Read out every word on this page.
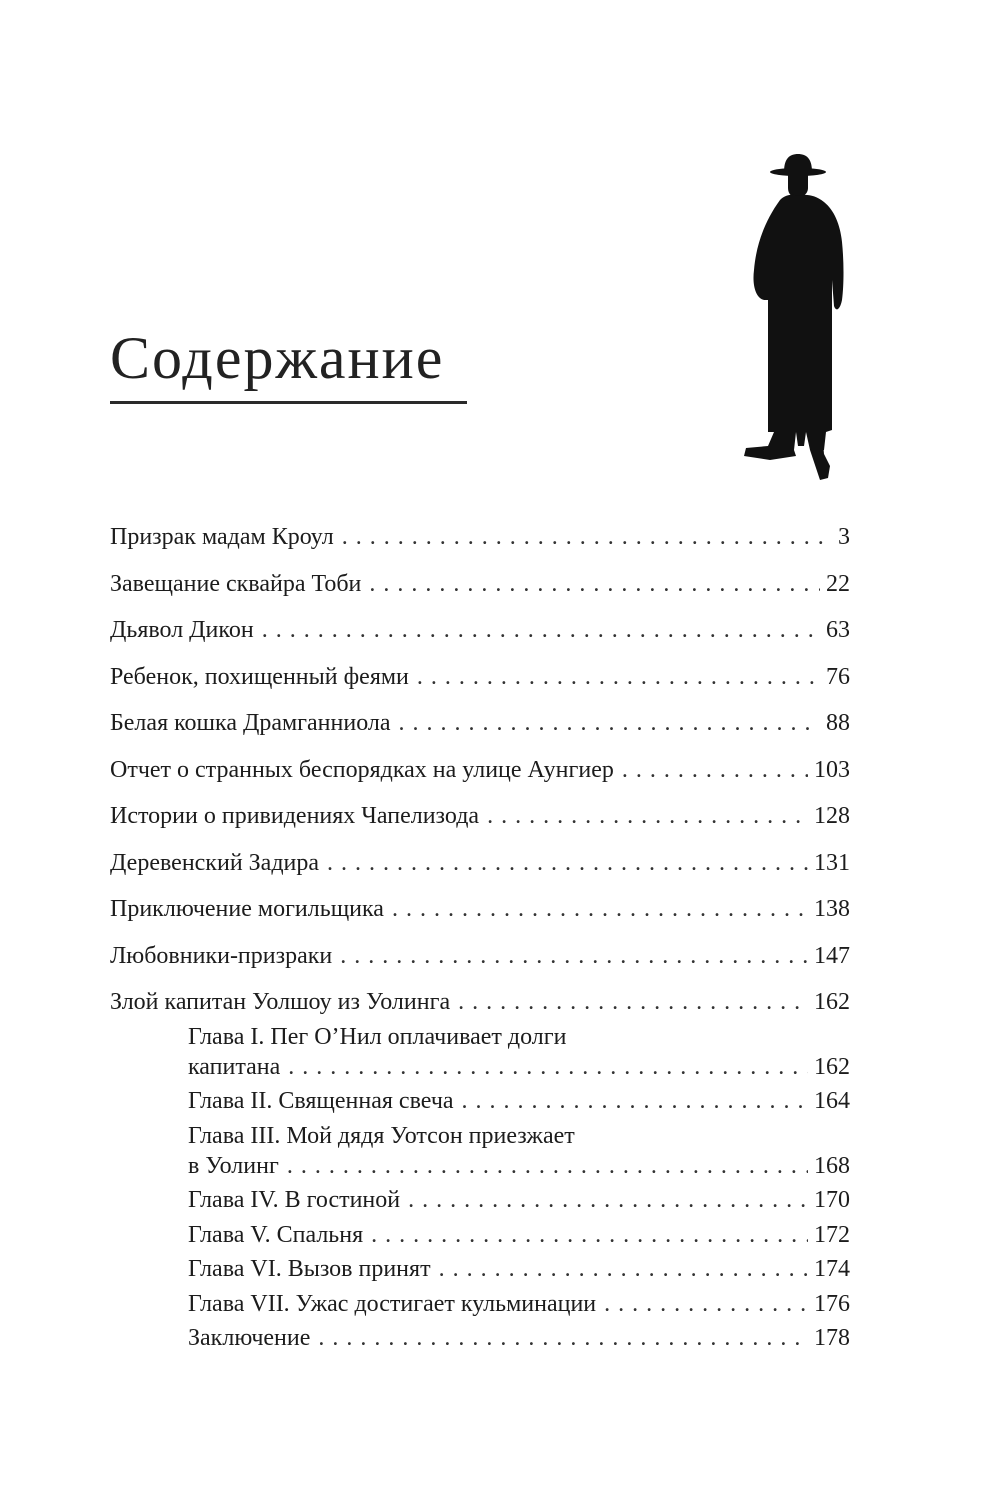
Содержание
Призрак мадам Кроул . . .	3
Завещание сквайра Тоби . . .	22
Дьявол Дикон . . .	63
Ребенок, похищенный феями . . .	76
Белая кошка Драмганниола . . .	88
Отчет о странных беспорядках на улице Аунгиер . . .	103
Истории о привидениях Чапелизода . . .	128
Деревенский Задира . . .	131
Приключение могильщика . . .	138
Любовники-призраки . . .	147
Злой капитан Уолшоу из Уолинга . . .	162
Глава I. Пег О’Нил оплачивает долги
капитана . . .	162
Глава II. Священная свеча . . .	164
Глава III. Мой дядя Уотсон приезжает
в Уолинг . . .	168
Глава IV. В гостиной . . .	170
Глава V. Спальня . . .	172
Глава VI. Вызов принят . . .	174
Глава VII. Ужас достигает кульминации . . .	176
Заключение . . .	178
